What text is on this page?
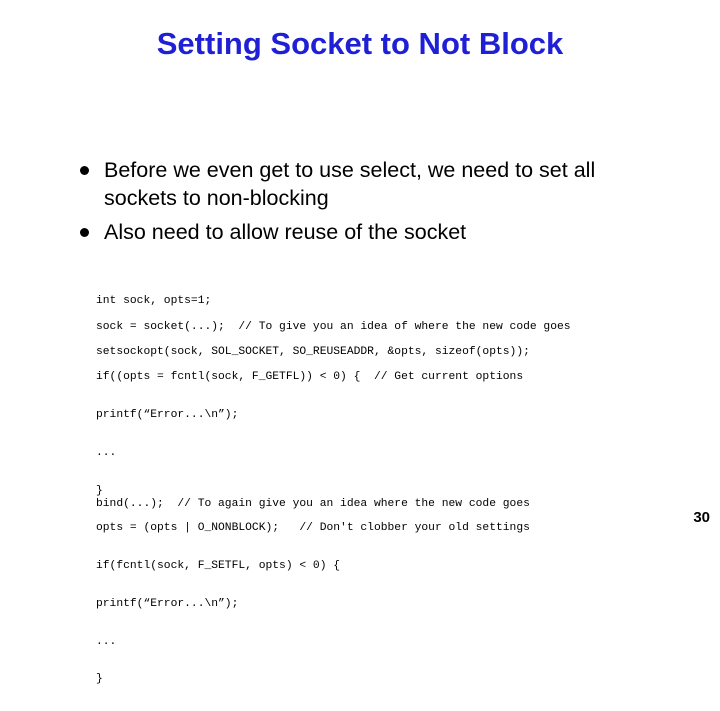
Setting Socket to Not Block
Before we even get to use select, we need to set all sockets to non-blocking
Also need to allow reuse of the socket

int sock, opts=1;

sock = socket(...);  // To give you an idea of where the new code goes

setsockopt(sock, SOL_SOCKET, SO_REUSEADDR, &opts, sizeof(opts));

if((opts = fcntl(sock, F_GETFL)) < 0) {  // Get current options

printf(“Error...\n”);

...

}

opts = (opts | O_NONBLOCK);   // Don't clobber your old settings

if(fcntl(sock, F_SETFL, opts) < 0) {

printf(“Error...\n”);

...

}

bind(...);  // To again give you an idea where the new code goes

30
